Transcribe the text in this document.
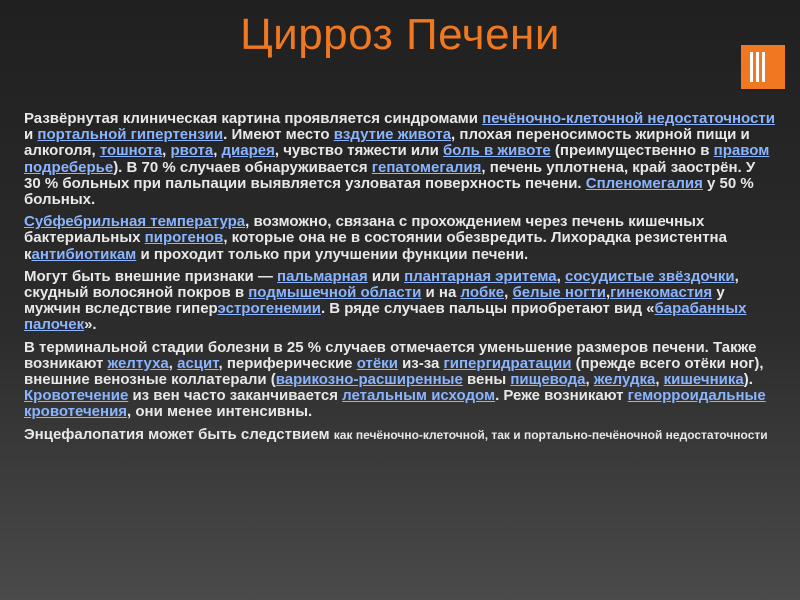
Цирроз Печени

Развёрнутая клиническая картина проявляется синдромами печёночно-клеточной недостаточности и портальной гипертензии. Имеют место вздутие живота, плохая переносимость жирной пищи и алкоголя, тошнота, рвота, диарея, чувство тяжести или боль в животе (преимущественно в правом подреберье). В 70 % случаев обнаруживается гепатомегалия, печень уплотнена, край заострён. У 30 % больных при пальпации выявляется узловатая поверхность печени. Спленомегалия у 50 % больных.

Субфебрильная температура, возможно, связана с прохождением через печень кишечных бактериальных пирогенов, которые она не в состоянии обезвредить. Лихорадка резистентна кантибиотикам и проходит только при улучшении функции печени.

Могут быть внешние признаки — пальмарная или плантарная эритема, сосудистые звёздочки, скудный волосяной покров в подмышечной области и на лобке, белые ногти,гинекомастия у мужчин вследствие гиперэстрогенемии. В ряде случаев пальцы приобретают вид «барабанных палочек».

В терминальной стадии болезни в 25 % случаев отмечается уменьшение размеров печени. Также возникают желтуха, асцит, периферические отёки из-за гипергидратации (прежде всего отёки ног), внешние венозные коллатерали (варикозно-расширенные вены пищевода, желудка, кишечника). Кровотечение из вен часто заканчивается летальным исходом. Реже возникают геморроидальные кровотечения, они менее интенсивны.

Энцефалопатия может быть следствием как печёночно-клеточной, так и портально-печёночной недостаточности
